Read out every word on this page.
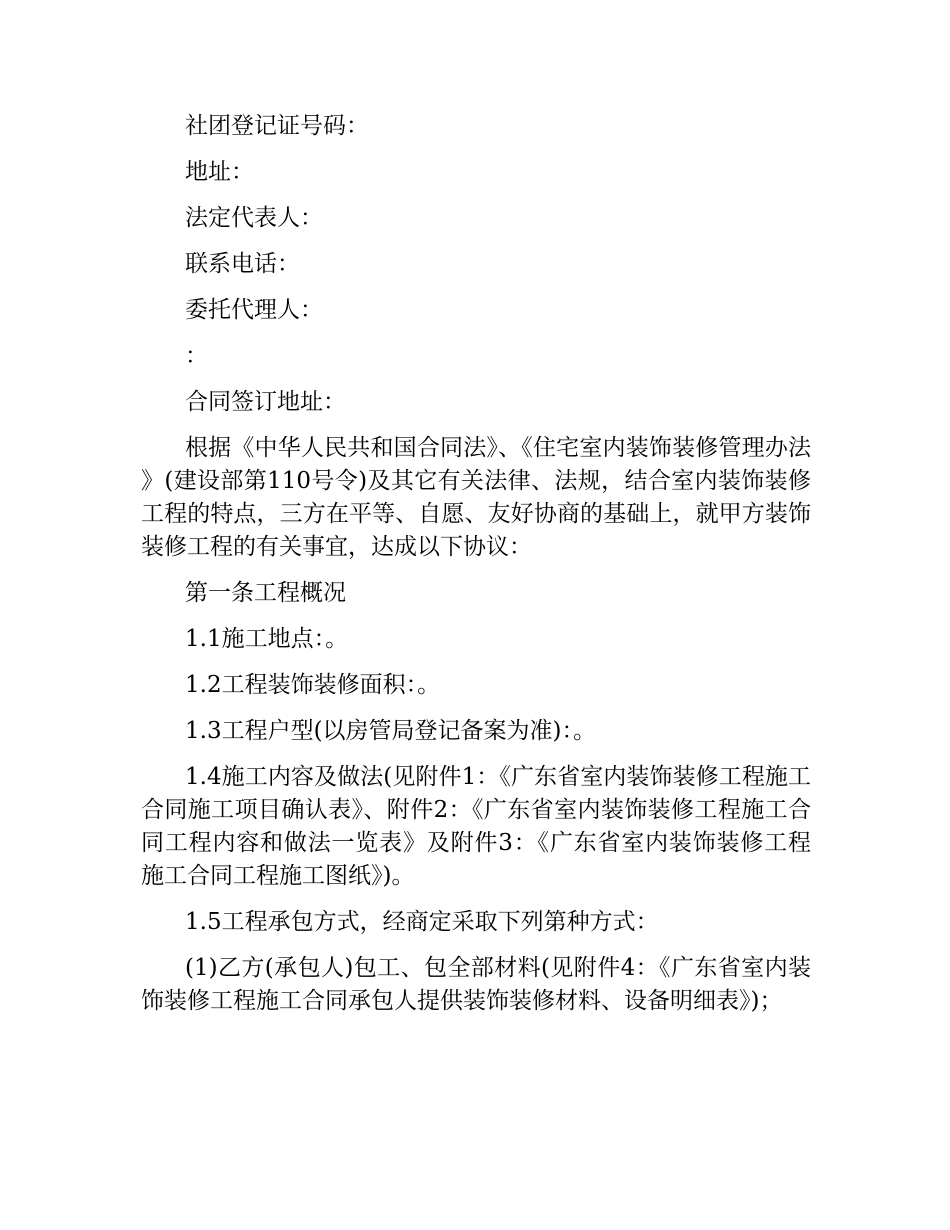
社团登记证号码：

地址：

法定代表人：

联系电话：

委托代理人：

：

合同签订地址：

根据《中华人民共和国合同法》、《住宅室内装饰装修管理办法》(建设部第110号令)及其它有关法律、法规，结合室内装饰装修工程的特点，三方在平等、自愿、友好协商的基础上，就甲方装饰装修工程的有关事宜，达成以下协议：

第一条工程概况

1.1施工地点：。

1.2工程装饰装修面积：。

1.3工程户型(以房管局登记备案为准)：。

1.4施工内容及做法(见附件1：《广东省室内装饰装修工程施工合同施工项目确认表》、附件2：《广东省室内装饰装修工程施工合同工程内容和做法一览表》及附件3：《广东省室内装饰装修工程施工合同工程施工图纸》)。

1.5工程承包方式，经商定采取下列第种方式：

(1)乙方(承包人)包工、包全部材料(见附件4：《广东省室内装饰装修工程施工合同承包人提供装饰装修材料、设备明细表》)；
